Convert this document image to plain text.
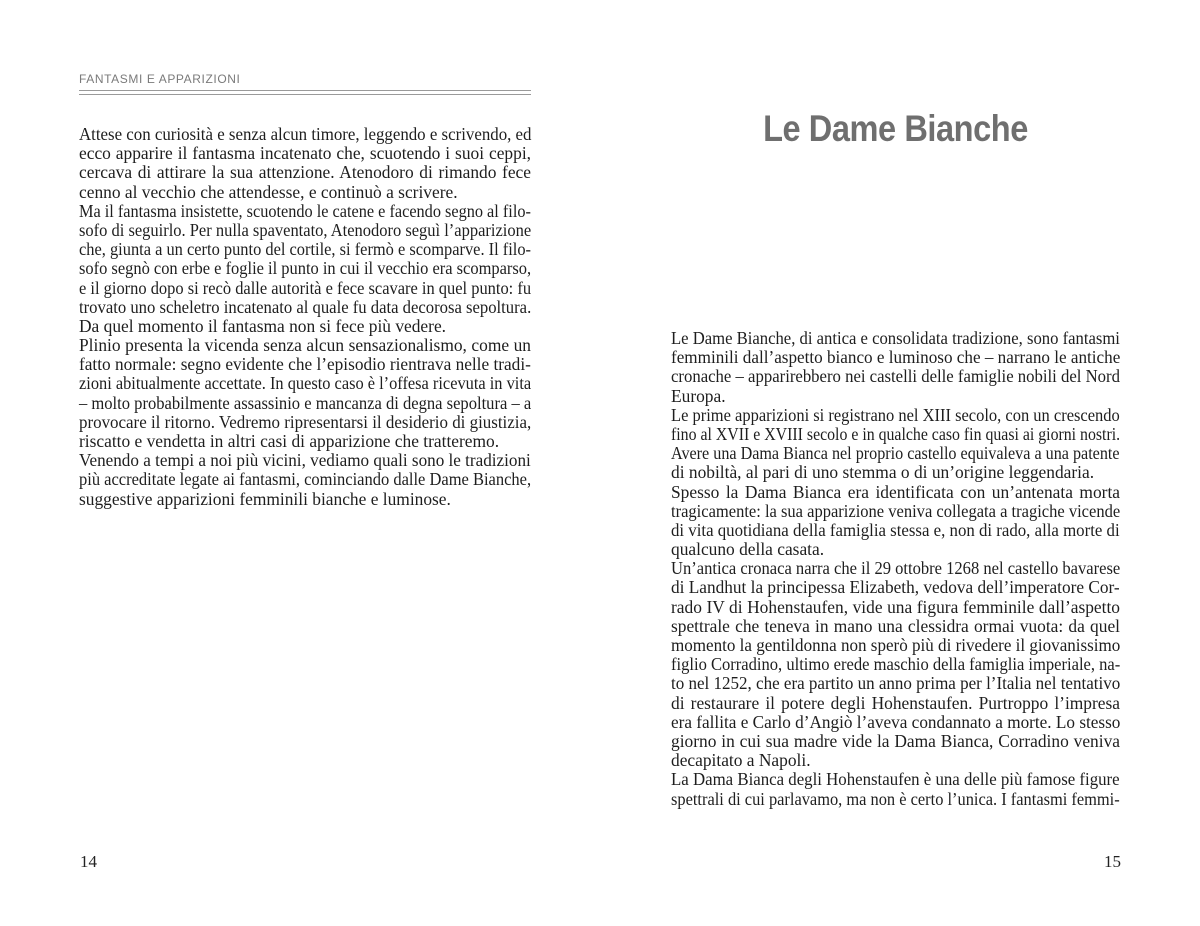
FANTASMI E APPARIZIONI
Attese con curiosità e senza alcun timore, leggendo e scrivendo, ed
ecco apparire il fantasma incatenato che, scuotendo i suoi ceppi,
cercava di attirare la sua attenzione. Atenodoro di rimando fece
cenno al vecchio che attendesse, e continuò a scrivere.
Ma il fantasma insistette, scuotendo le catene e facendo segno al filo-
sofo di seguirlo. Per nulla spaventato, Atenodoro seguì l’apparizione
che, giunta a un certo punto del cortile, si fermò e scomparve. Il filo-
sofo segnò con erbe e foglie il punto in cui il vecchio era scomparso,
e il giorno dopo si recò dalle autorità e fece scavare in quel punto: fu
trovato uno scheletro incatenato al quale fu data decorosa sepoltura.
Da quel momento il fantasma non si fece più vedere.
Plinio presenta la vicenda senza alcun sensazionalismo, come un
fatto normale: segno evidente che l’episodio rientrava nelle tradi-
zioni abitualmente accettate. In questo caso è l’offesa ricevuta in vita
– molto probabilmente assassinio e mancanza di degna sepoltura – a
provocare il ritorno. Vedremo ripresentarsi il desiderio di giustizia,
riscatto e vendetta in altri casi di apparizione che tratteremo.
Venendo a tempi a noi più vicini, vediamo quali sono le tradizioni
più accreditate legate ai fantasmi, cominciando dalle Dame Bianche,
suggestive apparizioni femminili bianche e luminose.
14
Le Dame Bianche
Le Dame Bianche, di antica e consolidata tradizione, sono fantasmi
femminili dall’aspetto bianco e luminoso che – narrano le antiche
cronache – apparirebbero nei castelli delle famiglie nobili del Nord
Europa.
Le prime apparizioni si registrano nel XIII secolo, con un crescendo
fino al XVII e XVIII secolo e in qualche caso fin quasi ai giorni nostri.
Avere una Dama Bianca nel proprio castello equivaleva a una patente
di nobiltà, al pari di uno stemma o di un’origine leggendaria.
Spesso la Dama Bianca era identificata con un’antenata morta
tragicamente: la sua apparizione veniva collegata a tragiche vicende
di vita quotidiana della famiglia stessa e, non di rado, alla morte di
qualcuno della casata.
Un’antica cronaca narra che il 29 ottobre 1268 nel castello bavarese
di Landhut la principessa Elizabeth, vedova dell’imperatore Cor-
rado IV di Hohenstaufen, vide una figura femminile dall’aspetto
spettrale che teneva in mano una clessidra ormai vuota: da quel
momento la gentildonna non sperò più di rivedere il giovanissimo
figlio Corradino, ultimo erede maschio della famiglia imperiale, na-
to nel 1252, che era partito un anno prima per l’Italia nel tentativo
di restaurare il potere degli Hohenstaufen. Purtroppo l’impresa
era fallita e Carlo d’Angiò l’aveva condannato a morte. Lo stesso
giorno in cui sua madre vide la Dama Bianca, Corradino veniva
decapitato a Napoli.
La Dama Bianca degli Hohenstaufen è una delle più famose figure
spettrali di cui parlavamo, ma non è certo l’unica. I fantasmi femmi-
15
